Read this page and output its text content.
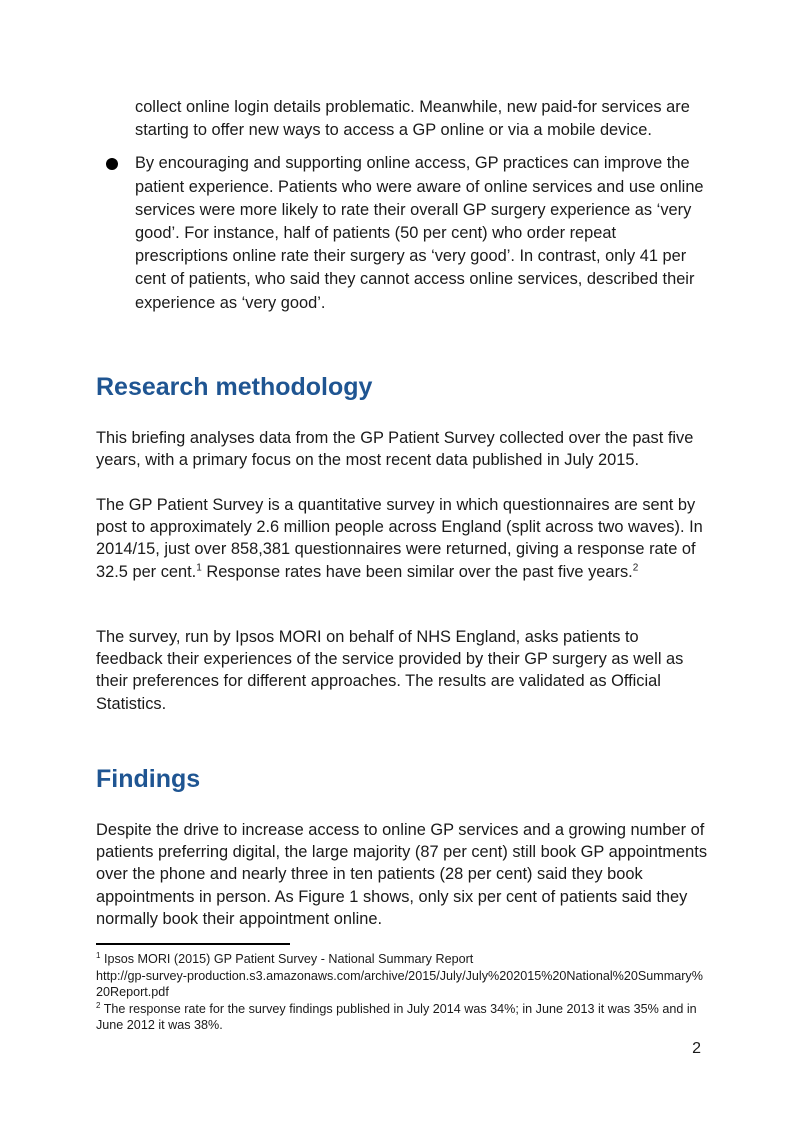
collect online login details problematic. Meanwhile, new paid-for services are starting to offer new ways to access a GP online or via a mobile device.
By encouraging and supporting online access, GP practices can improve the patient experience. Patients who were aware of online services and use online services were more likely to rate their overall GP surgery experience as ‘very good’. For instance, half of patients (50 per cent) who order repeat prescriptions online rate their surgery as ‘very good’. In contrast, only 41 per cent of patients, who said they cannot access online services, described their experience as ‘very good’.
Research methodology

This briefing analyses data from the GP Patient Survey collected over the past five years, with a primary focus on the most recent data published in July 2015.

The GP Patient Survey is a quantitative survey in which questionnaires are sent by post to approximately 2.6 million people across England (split across two waves). In 2014/15, just over 858,381 questionnaires were returned, giving a response rate of 32.5 per cent.$^1$ Response rates have been similar over the past five years.$^2$

The survey, run by Ipsos MORI on behalf of NHS England, asks patients to feedback their experiences of the service provided by their GP surgery as well as their preferences for different approaches. The results are validated as Official Statistics.

Findings

Despite the drive to increase access to online GP services and a growing number of patients preferring digital, the large majority (87 per cent) still book GP appointments over the phone and nearly three in ten patients (28 per cent) said they book appointments in person. As Figure 1 shows, only six per cent of patients said they normally book their appointment online.

$^1$ Ipsos MORI (2015) GP Patient Survey - National Summary Report
http://gp-survey-production.s3.amazonaws.com/archive/2015/July/July%202015%20National%20Summary%20Report.pdf

$^2$ The response rate for the survey findings published in July 2014 was 34%; in June 2013 it was 35% and in June 2012 it was 38%.

2
